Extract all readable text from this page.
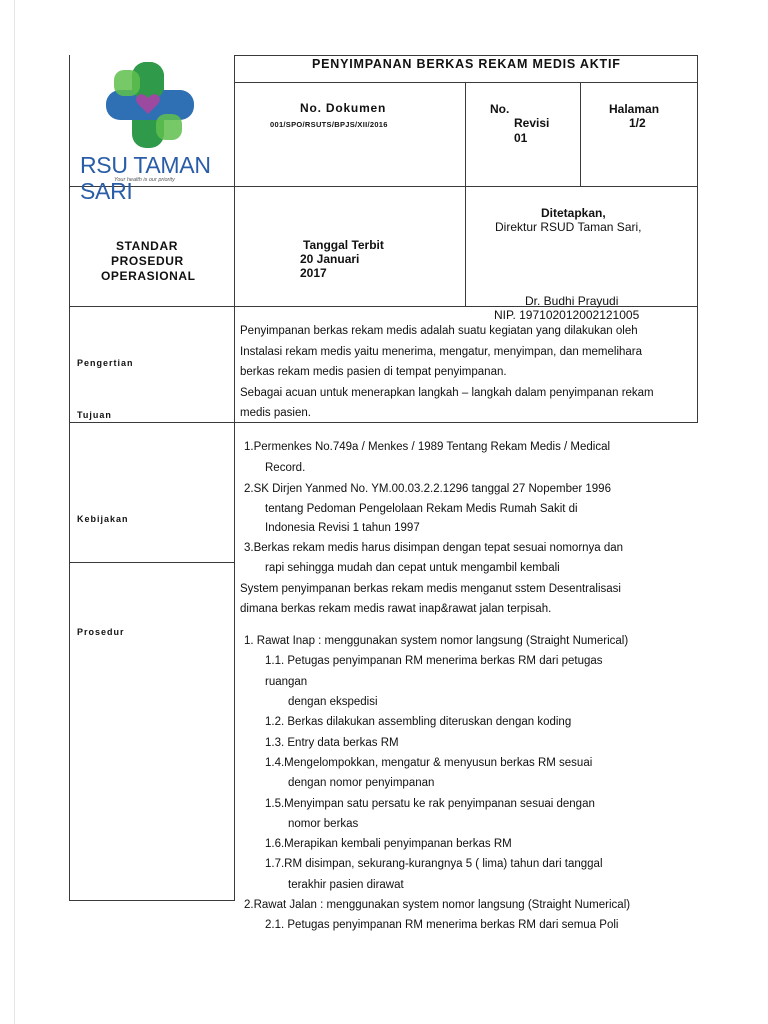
RSU TAMAN SARI
Your health is our priority
PENYIMPANAN BERKAS REKAM MEDIS AKTIF
No. Dokumen
001/SPO/RSUTS/BPJS/XII/2016
No.
Revisi
01
Halaman
1/2
STANDAR
PROSEDUR
OPERASIONAL
Tanggal Terbit
20 Januari
2017
Ditetapkan,
Direktur RSUD Taman Sari,
Dr. Budhi Prayudi
NIP. 197102012002121005
Pengertian
Tujuan
Kebijakan
Prosedur
Penyimpanan berkas rekam medis adalah suatu kegiatan yang dilakukan oleh
Instalasi rekam medis yaitu menerima, mengatur, menyimpan, dan memelihara
berkas rekam medis pasien di tempat penyimpanan.
Sebagai acuan untuk menerapkan langkah – langkah dalam penyimpanan rekam
medis pasien.
1.Permenkes No.749a / Menkes / 1989 Tentang Rekam Medis / Medical
Record.
2.SK Dirjen Yanmed No. YM.00.03.2.2.1296 tanggal 27 Nopember 1996
tentang Pedoman Pengelolaan Rekam Medis Rumah Sakit di
Indonesia Revisi 1 tahun 1997
3.Berkas rekam medis harus disimpan dengan tepat sesuai nomornya dan
rapi sehingga mudah dan cepat untuk mengambil kembali
System penyimpanan berkas rekam medis menganut sstem Desentralisasi
dimana berkas rekam medis rawat inap&rawat jalan terpisah.
1. Rawat Inap : menggunakan system nomor langsung (Straight Numerical)
1.1. Petugas penyimpanan RM menerima berkas RM dari petugas
ruangan
dengan ekspedisi
1.2. Berkas dilakukan assembling diteruskan dengan koding
1.3. Entry data berkas RM
1.4.Mengelompokkan, mengatur & menyusun berkas RM sesuai
dengan nomor penyimpanan
1.5.Menyimpan satu persatu ke rak penyimpanan sesuai dengan
nomor berkas
1.6.Merapikan kembali penyimpanan berkas RM
1.7.RM disimpan, sekurang-kurangnya 5 ( lima) tahun dari tanggal
terakhir pasien dirawat
2.Rawat Jalan : menggunakan system nomor langsung (Straight Numerical)
2.1. Petugas penyimpanan RM menerima berkas RM dari semua Poli
